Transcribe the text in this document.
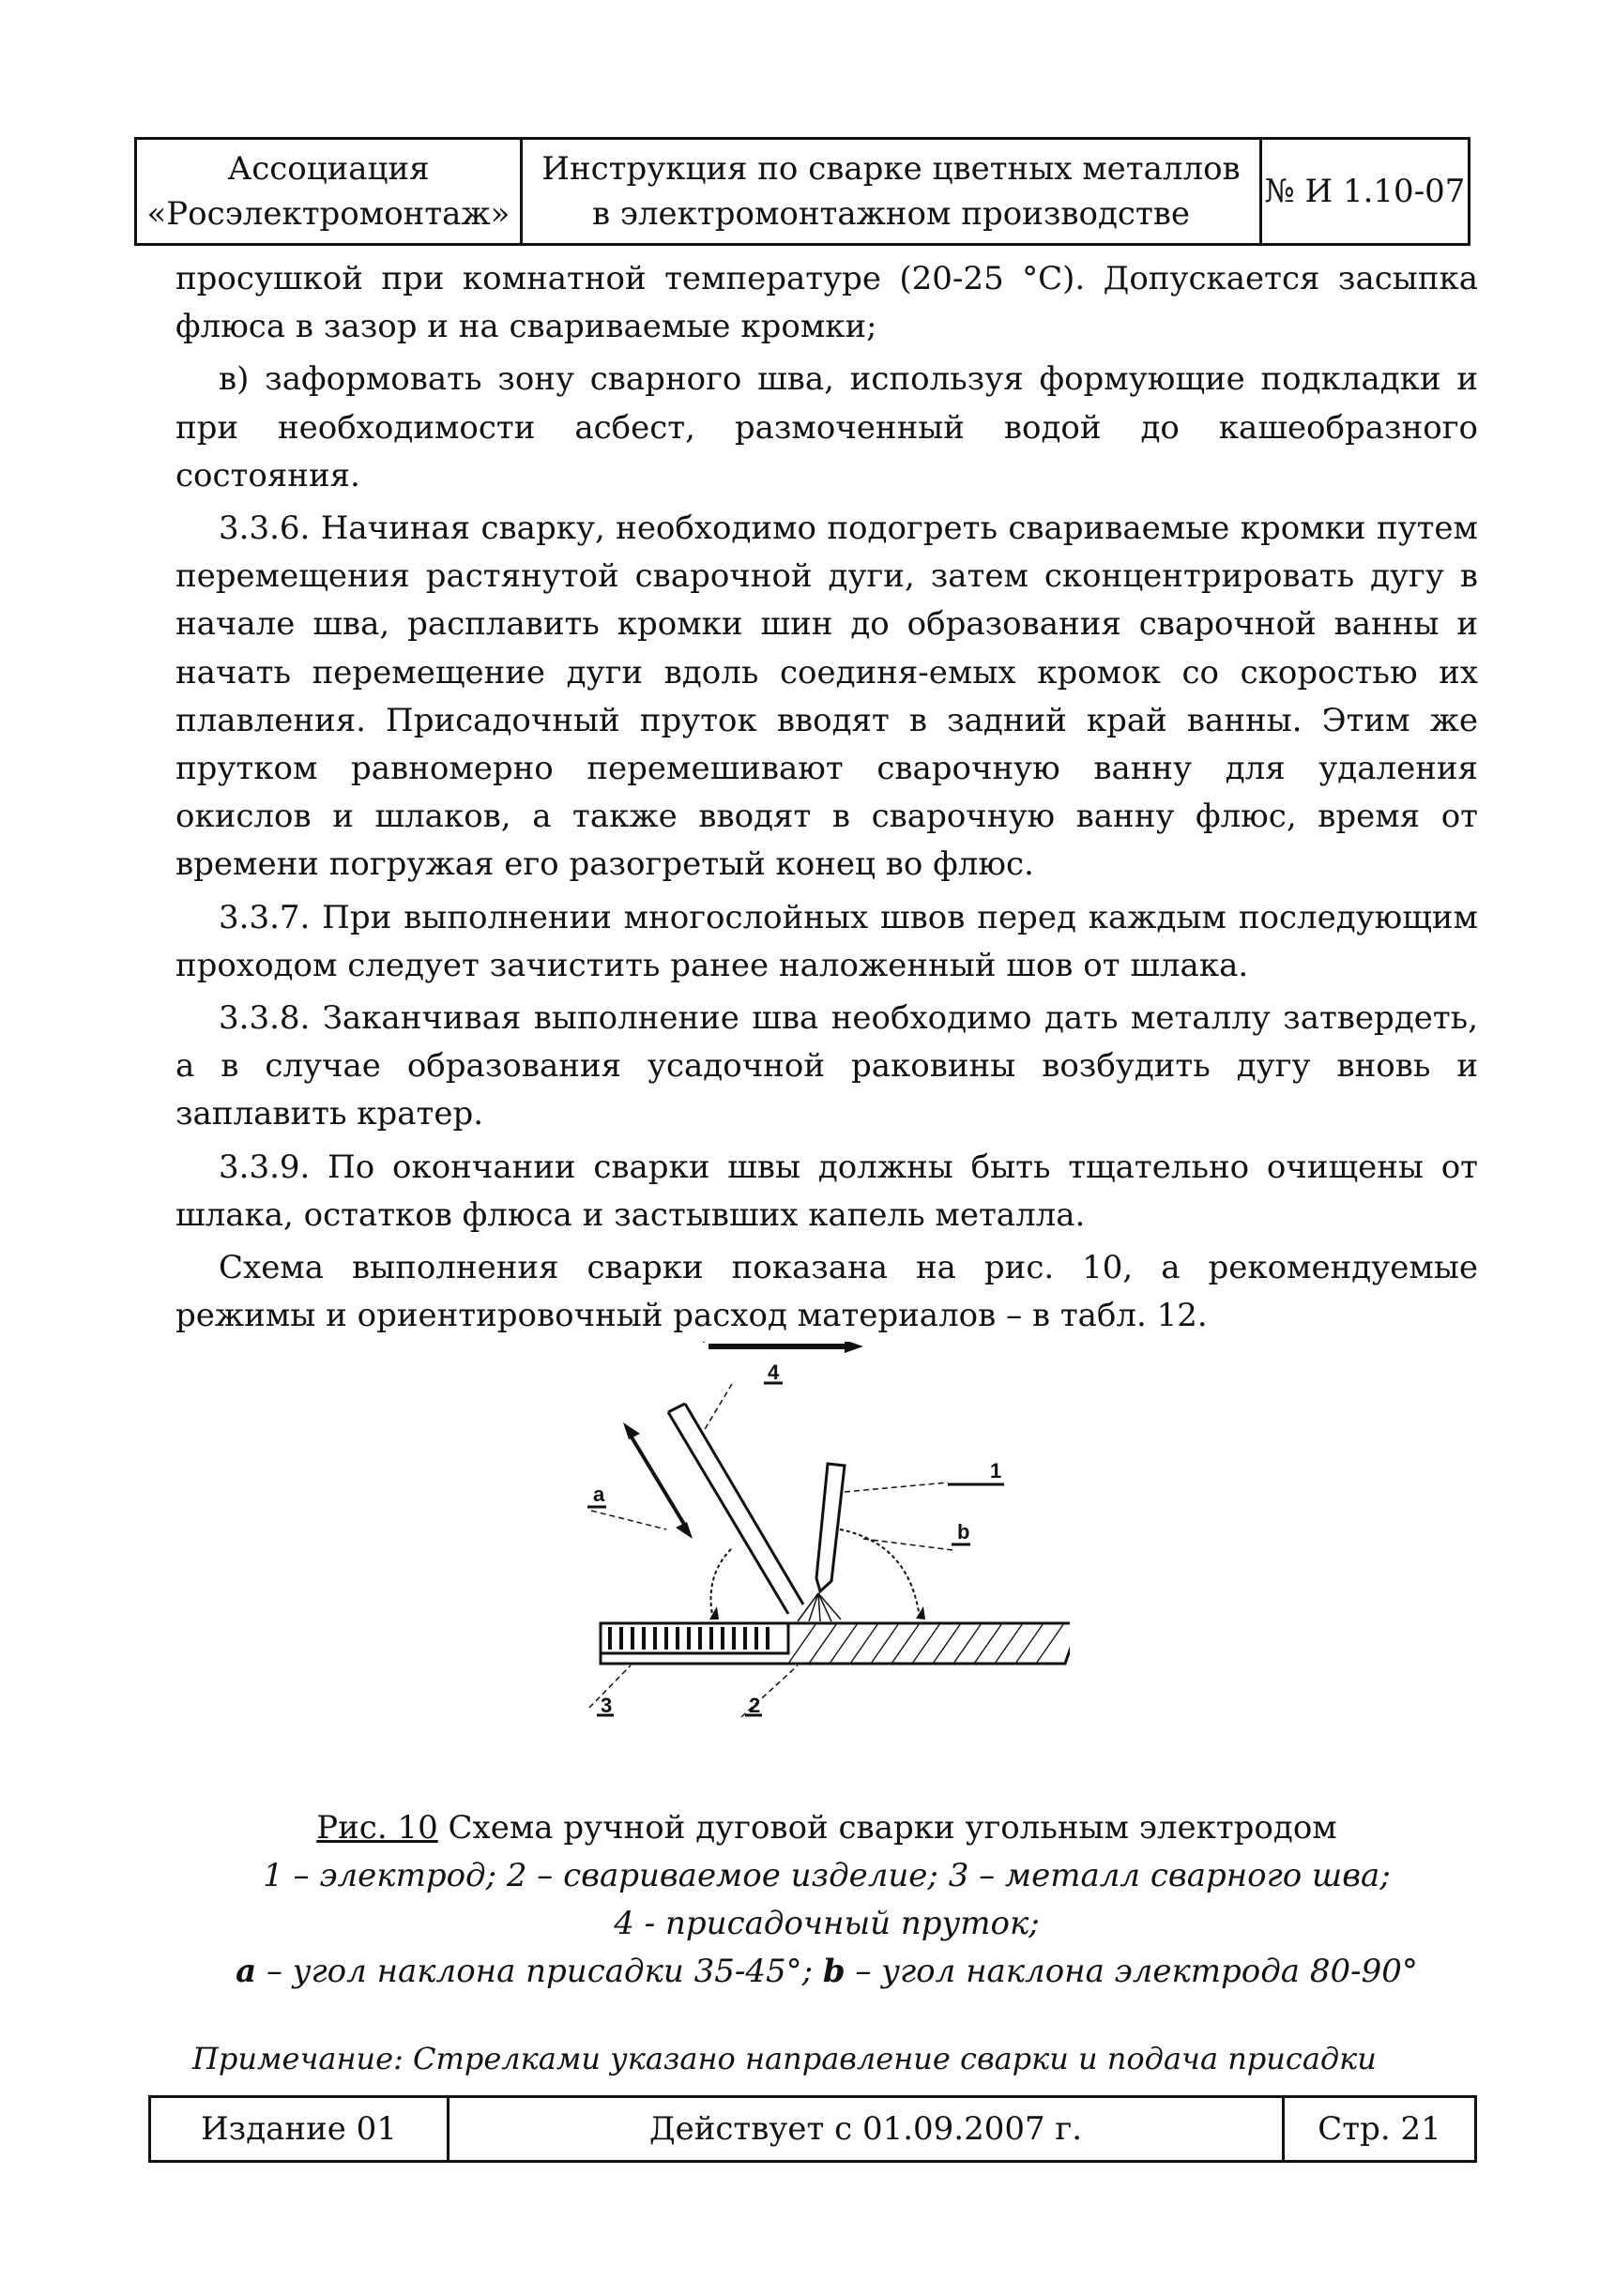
Ассоциация
«Росэлектромонтаж»
Инструкция по сварке цветных металлов
в электромонтажном производстве
№ И 1.10-07

просушкой при комнатной температуре (20-25 °С). Допускается засыпка флюса в зазор и на свариваемые кромки;

в) заформовать зону сварного шва, используя формующие подкладки и при необходимости асбест, размоченный водой до кашеобразного состояния.

3.3.6. Начиная сварку, необходимо подогреть свариваемые кромки путем перемещения растянутой сварочной дуги, затем сконцентрировать дугу в начале шва, расплавить кромки шин до образования сварочной ванны и начать перемещение дуги вдоль соединя-емых кромок со скоростью их плавления. Присадочный пруток вводят в задний край ванны. Этим же прутком равномерно перемешивают сварочную ванну для удаления окислов и шлаков, а также вводят в сварочную ванну флюс, время от времени погружая его разогретый конец во флюс.

3.3.7. При выполнении многослойных швов перед каждым последующим проходом следует зачистить ранее наложенный шов от шлака.

3.3.8. Заканчивая выполнение шва необходимо дать металлу затвердеть, а в случае образования усадочной раковины возбудить дугу вновь и заплавить кратер.

3.3.9. По окончании сварки швы должны быть тщательно очищены от шлака, остатков флюса и застывших капель металла.

Схема выполнения сварки показана на рис. 10, а рекомендуемые режимы и ориентировочный расход материалов – в табл. 12.

4
1
a
b
3	2
Рис. 10 Схема ручной дуговой сварки угольным электродом
1 – электрод; 2 – свариваемое изделие; 3 – металл сварного шва;
4 - присадочный пруток;
a – угол наклона присадки 35-45°; b – угол наклона электрода 80-90°
Примечание: Стрелками указано направление сварки и подача присадки
Издание 01	Действует с 01.09.2007 г.	Стр. 21
